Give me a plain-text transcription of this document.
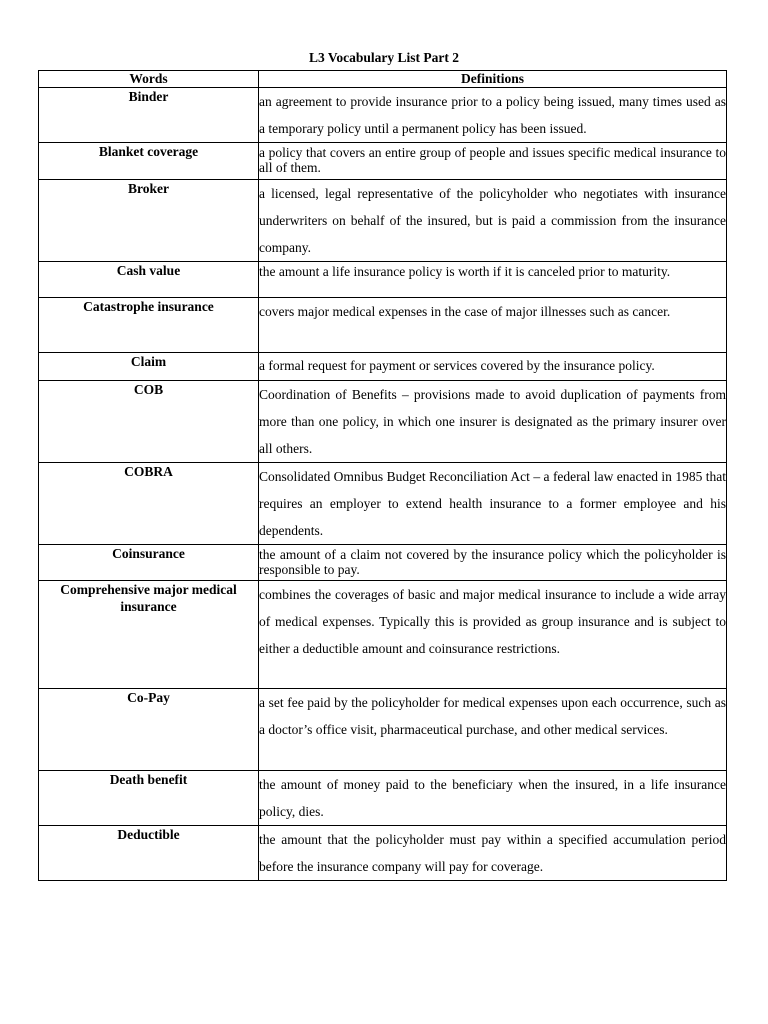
L3 Vocabulary List Part 2
Words	Definitions
Binder	an agreement to provide insurance prior to a policy being issued, many times used as a temporary policy until a permanent policy has been issued.
Blanket coverage	a policy that covers an entire group of people and issues specific medical insurance to all of them.
Broker	a licensed, legal representative of the policyholder who negotiates with insurance underwriters on behalf of the insured, but is paid a commission from the insurance company.
Cash value	the amount a life insurance policy is worth if it is canceled prior to maturity.
Catastrophe insurance	covers major medical expenses in the case of major illnesses such as cancer.
Claim	a formal request for payment or services covered by the insurance policy.
COB	Coordination of Benefits – provisions made to avoid duplication of payments from more than one policy, in which one insurer is designated as the primary insurer over all others.
COBRA	Consolidated Omnibus Budget Reconciliation Act – a federal law enacted in 1985 that requires an employer to extend health insurance to a former employee and his dependents.
Coinsurance	the amount of a claim not covered by the insurance policy which the policyholder is responsible to pay.
Comprehensive major medical insurance	combines the coverages of basic and major medical insurance to include a wide array of medical expenses. Typically this is provided as group insurance and is subject to either a deductible amount and coinsurance restrictions.
Co-Pay	a set fee paid by the policyholder for medical expenses upon each occurrence, such as a doctor’s office visit, pharmaceutical purchase, and other medical services.
Death benefit	the amount of money paid to the beneficiary when the insured, in a life insurance policy, dies.
Deductible	the amount that the policyholder must pay within a specified accumulation period before the insurance company will pay for coverage.
